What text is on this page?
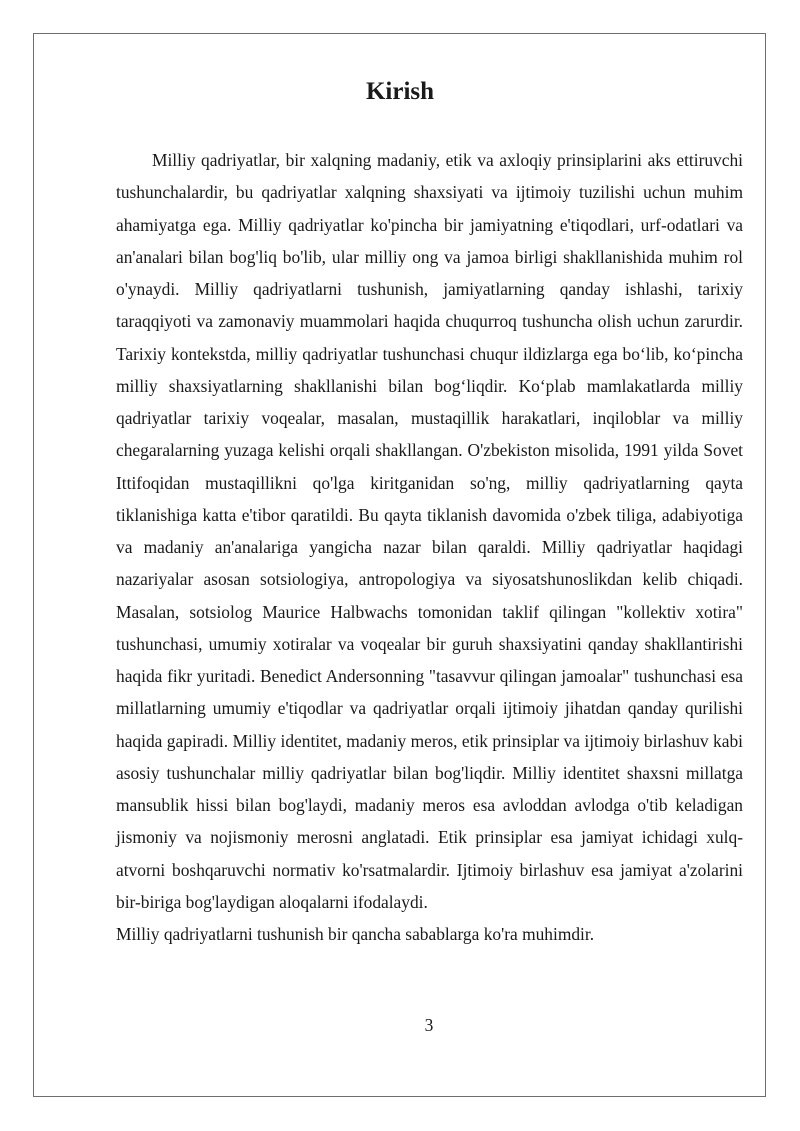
Kirish

Milliy qadriyatlar, bir xalqning madaniy, etik va axloqiy prinsiplarini aks ettiruvchi tushunchalardir, bu qadriyatlar xalqning shaxsiyati va ijtimoiy tuzilishi uchun muhim ahamiyatga ega. Milliy qadriyatlar ko'pincha bir jamiyatning e'tiqodlari, urf-odatlari va an'analari bilan bog'liq bo'lib, ular milliy ong va jamoa birligi shakllanishida muhim rol o'ynaydi. Milliy qadriyatlarni tushunish, jamiyatlarning qanday ishlashi, tarixiy taraqqiyoti va zamonaviy muammolari haqida chuqurroq tushuncha olish uchun zarurdir. Tarixiy kontekstda, milliy qadriyatlar tushunchasi chuqur ildizlarga ega bo‘lib, ko‘pincha milliy shaxsiyatlarning shakllanishi bilan bog‘liqdir. Ko‘plab mamlakatlarda milliy qadriyatlar tarixiy voqealar, masalan, mustaqillik harakatlari, inqiloblar va milliy chegaralarning yuzaga kelishi orqali shakllangan. O'zbekiston misolida, 1991 yilda Sovet Ittifoqidan mustaqillikni qo'lga kiritganidan so'ng, milliy qadriyatlarning qayta tiklanishiga katta e'tibor qaratildi. Bu qayta tiklanish davomida o'zbek tiliga, adabiyotiga va madaniy an'analariga yangicha nazar bilan qaraldi. Milliy qadriyatlar haqidagi nazariyalar asosan sotsiologiya, antropologiya va siyosatshunoslikdan kelib chiqadi. Masalan, sotsiolog Maurice Halbwachs tomonidan taklif qilingan "kollektiv xotira" tushunchasi, umumiy xotiralar va voqealar bir guruh shaxsiyatini qanday shakllantirishi haqida fikr yuritadi. Benedict Andersonning "tasavvur qilingan jamoalar" tushunchasi esa millatlarning umumiy e'tiqodlar va qadriyatlar orqali ijtimoiy jihatdan qanday qurilishi haqida gapiradi. Milliy identitet, madaniy meros, etik prinsiplar va ijtimoiy birlashuv kabi asosiy tushunchalar milliy qadriyatlar bilan bog'liqdir. Milliy identitet shaxsni millatga mansublik hissi bilan bog'laydi, madaniy meros esa avloddan avlodga o'tib keladigan jismoniy va nojismoniy merosni anglatadi. Etik prinsiplar esa jamiyat ichidagi xulq-atvorni boshqaruvchi normativ ko'rsatmalardir. Ijtimoiy birlashuv esa jamiyat a'zolarini bir-biriga bog'laydigan aloqalarni ifodalaydi.

Milliy qadriyatlarni tushunish bir qancha sabablarga ko'ra muhimdir.

3
